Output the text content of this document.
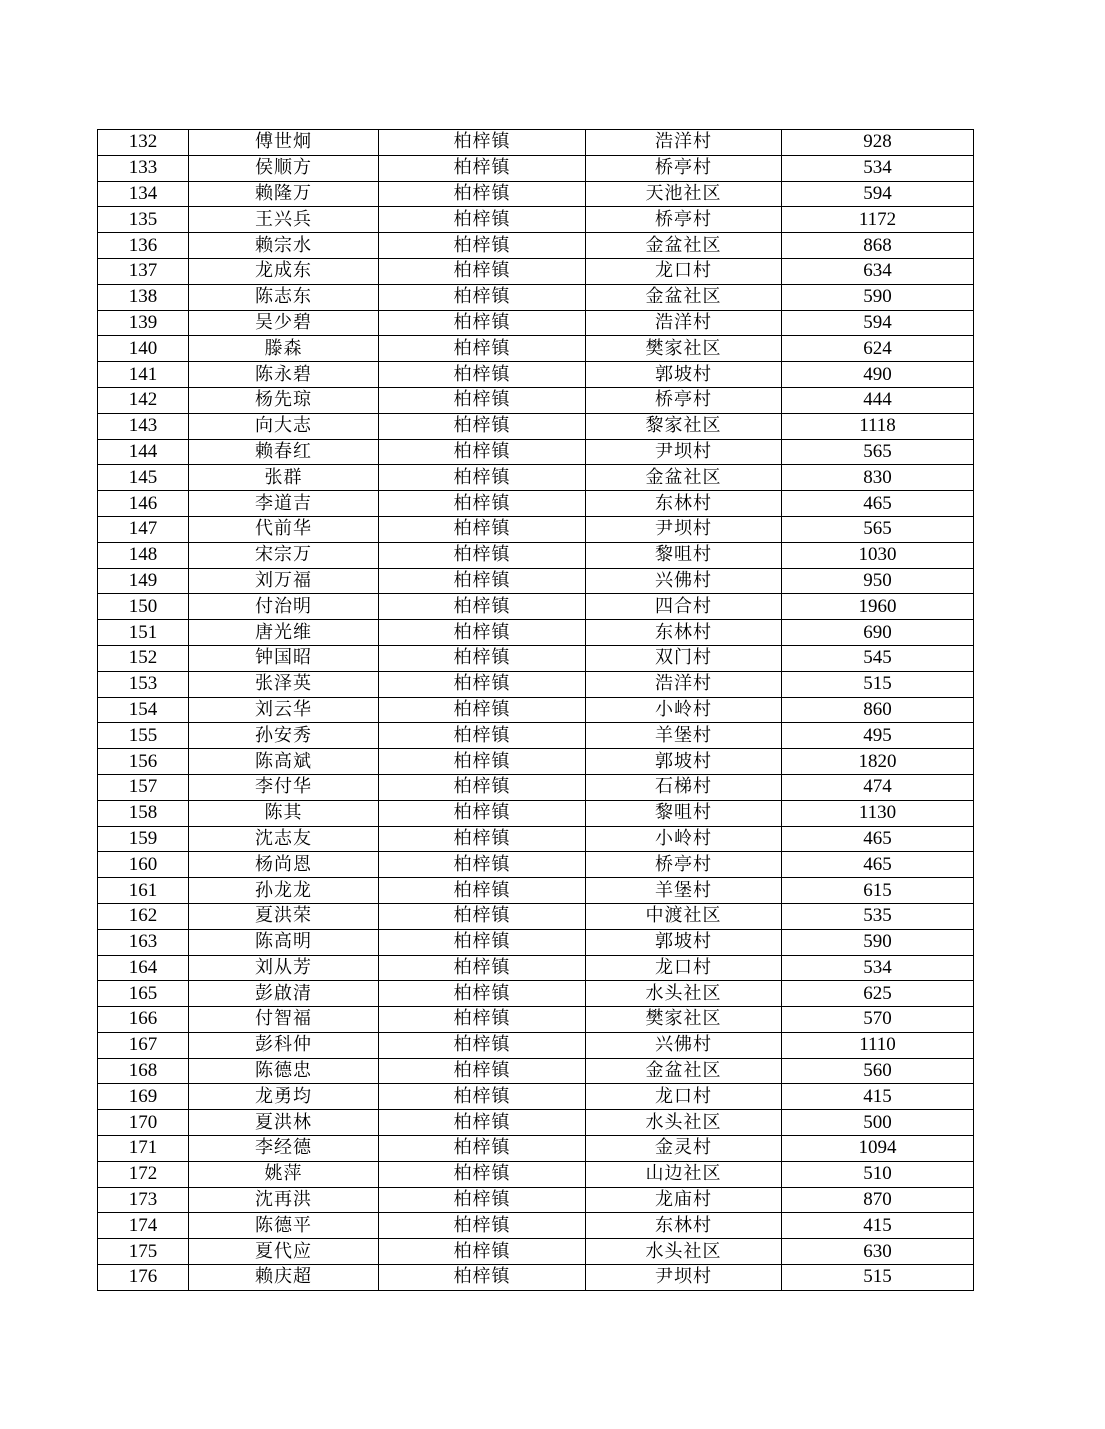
132	傅世炯	柏梓镇	浩洋村	928
133	侯顺方	柏梓镇	桥亭村	534
134	赖隆万	柏梓镇	天池社区	594
135	王兴兵	柏梓镇	桥亭村	1172
136	赖宗水	柏梓镇	金盆社区	868
137	龙成东	柏梓镇	龙口村	634
138	陈志东	柏梓镇	金盆社区	590
139	吴少碧	柏梓镇	浩洋村	594
140	滕森	柏梓镇	樊家社区	624
141	陈永碧	柏梓镇	郭坡村	490
142	杨先琼	柏梓镇	桥亭村	444
143	向大志	柏梓镇	黎家社区	1118
144	赖春红	柏梓镇	尹坝村	565
145	张群	柏梓镇	金盆社区	830
146	李道吉	柏梓镇	东林村	465
147	代前华	柏梓镇	尹坝村	565
148	宋宗万	柏梓镇	黎咀村	1030
149	刘万福	柏梓镇	兴佛村	950
150	付治明	柏梓镇	四合村	1960
151	唐光维	柏梓镇	东林村	690
152	钟国昭	柏梓镇	双门村	545
153	张泽英	柏梓镇	浩洋村	515
154	刘云华	柏梓镇	小岭村	860
155	孙安秀	柏梓镇	羊堡村	495
156	陈高斌	柏梓镇	郭坡村	1820
157	李付华	柏梓镇	石梯村	474
158	陈其	柏梓镇	黎咀村	1130
159	沈志友	柏梓镇	小岭村	465
160	杨尚恩	柏梓镇	桥亭村	465
161	孙龙龙	柏梓镇	羊堡村	615
162	夏洪荣	柏梓镇	中渡社区	535
163	陈高明	柏梓镇	郭坡村	590
164	刘从芳	柏梓镇	龙口村	534
165	彭啟清	柏梓镇	水头社区	625
166	付智福	柏梓镇	樊家社区	570
167	彭科仲	柏梓镇	兴佛村	1110
168	陈德忠	柏梓镇	金盆社区	560
169	龙勇均	柏梓镇	龙口村	415
170	夏洪林	柏梓镇	水头社区	500
171	李经德	柏梓镇	金灵村	1094
172	姚萍	柏梓镇	山边社区	510
173	沈再洪	柏梓镇	龙庙村	870
174	陈德平	柏梓镇	东林村	415
175	夏代应	柏梓镇	水头社区	630
176	赖庆超	柏梓镇	尹坝村	515
